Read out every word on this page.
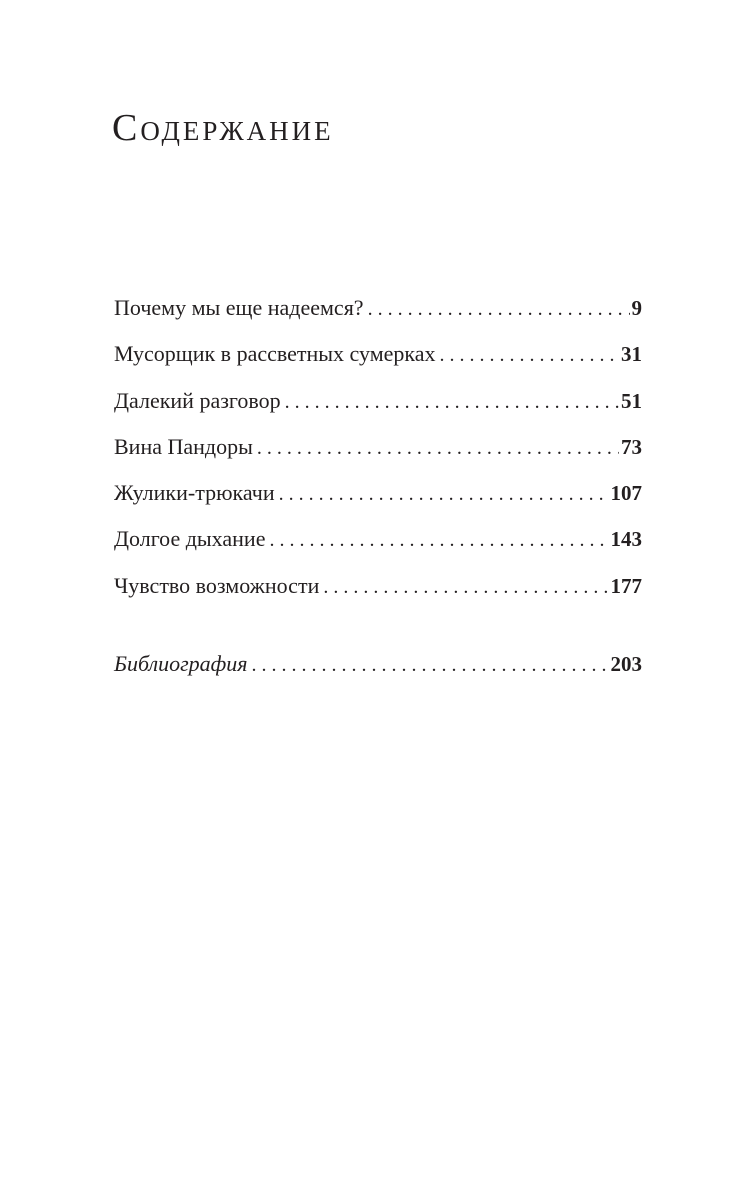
Содержание
Почему мы еще надеемся? . . .	9
Мусорщик в рассветных сумерках . . .	31
Далекий разговор . . .	51
Вина Пандоры . . .	73
Жулики-трюкачи . . .	107
Долгое дыхание . . .	143
Чувство возможности . . .	177
Библиография . . .	203
